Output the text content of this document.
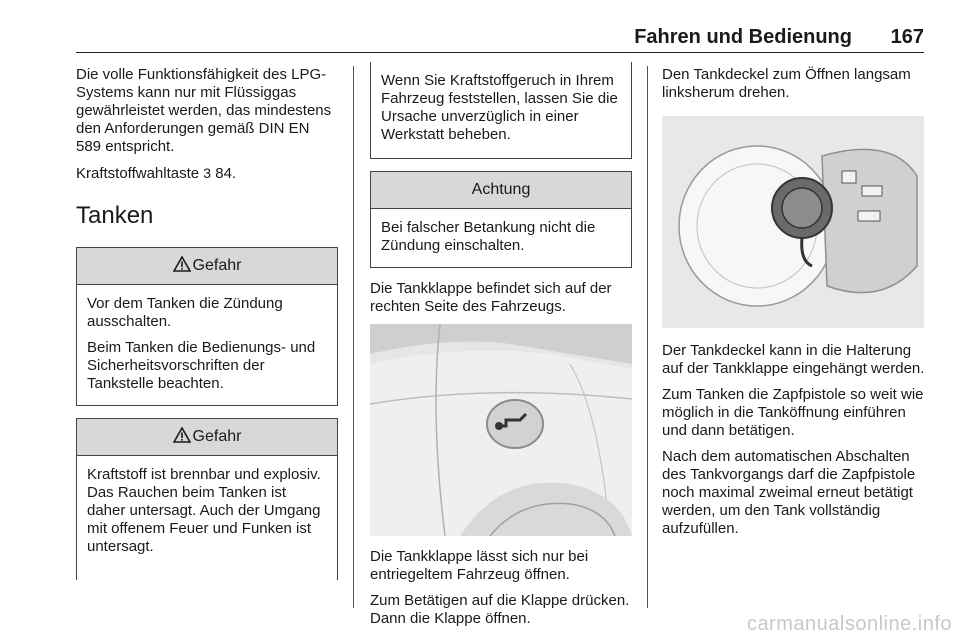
Fahren und Bedienung 167

Die volle Funktionsfähigkeit des LPG-Systems kann nur mit Flüssiggas gewährleistet werden, das mindestens den Anforderungen gemäß DIN EN 589 entspricht.

Kraftstoffwahltaste 3 84.

Tanken
Gefahr

Vor dem Tanken die Zündung ausschalten.

Beim Tanken die Bedienungs- und Sicherheitsvorschriften der Tankstelle beachten.

Gefahr

Kraftstoff ist brennbar und explosiv. Das Rauchen beim Tanken ist daher untersagt. Auch der Umgang mit offenem Feuer und Funken ist untersagt.

Wenn Sie Kraftstoffgeruch in Ihrem Fahrzeug feststellen, lassen Sie die Ursache unverzüglich in einer Werkstatt beheben.

Achtung

Bei falscher Betankung nicht die Zündung einschalten.

Die Tankklappe befindet sich auf der rechten Seite des Fahrzeugs.

Die Tankklappe lässt sich nur bei entriegeltem Fahrzeug öffnen.

Zum Betätigen auf die Klappe drücken. Dann die Klappe öffnen.

Den Tankdeckel zum Öffnen langsam linksherum drehen.

Der Tankdeckel kann in die Halterung auf der Tankklappe eingehängt werden.

Zum Tanken die Zapfpistole so weit wie möglich in die Tanköffnung einführen und dann betätigen.

Nach dem automatischen Abschalten des Tankvorgangs darf die Zapfpistole noch maximal zweimal erneut betätigt werden, um den Tank vollständig aufzufüllen.

carmanualsonline.info
